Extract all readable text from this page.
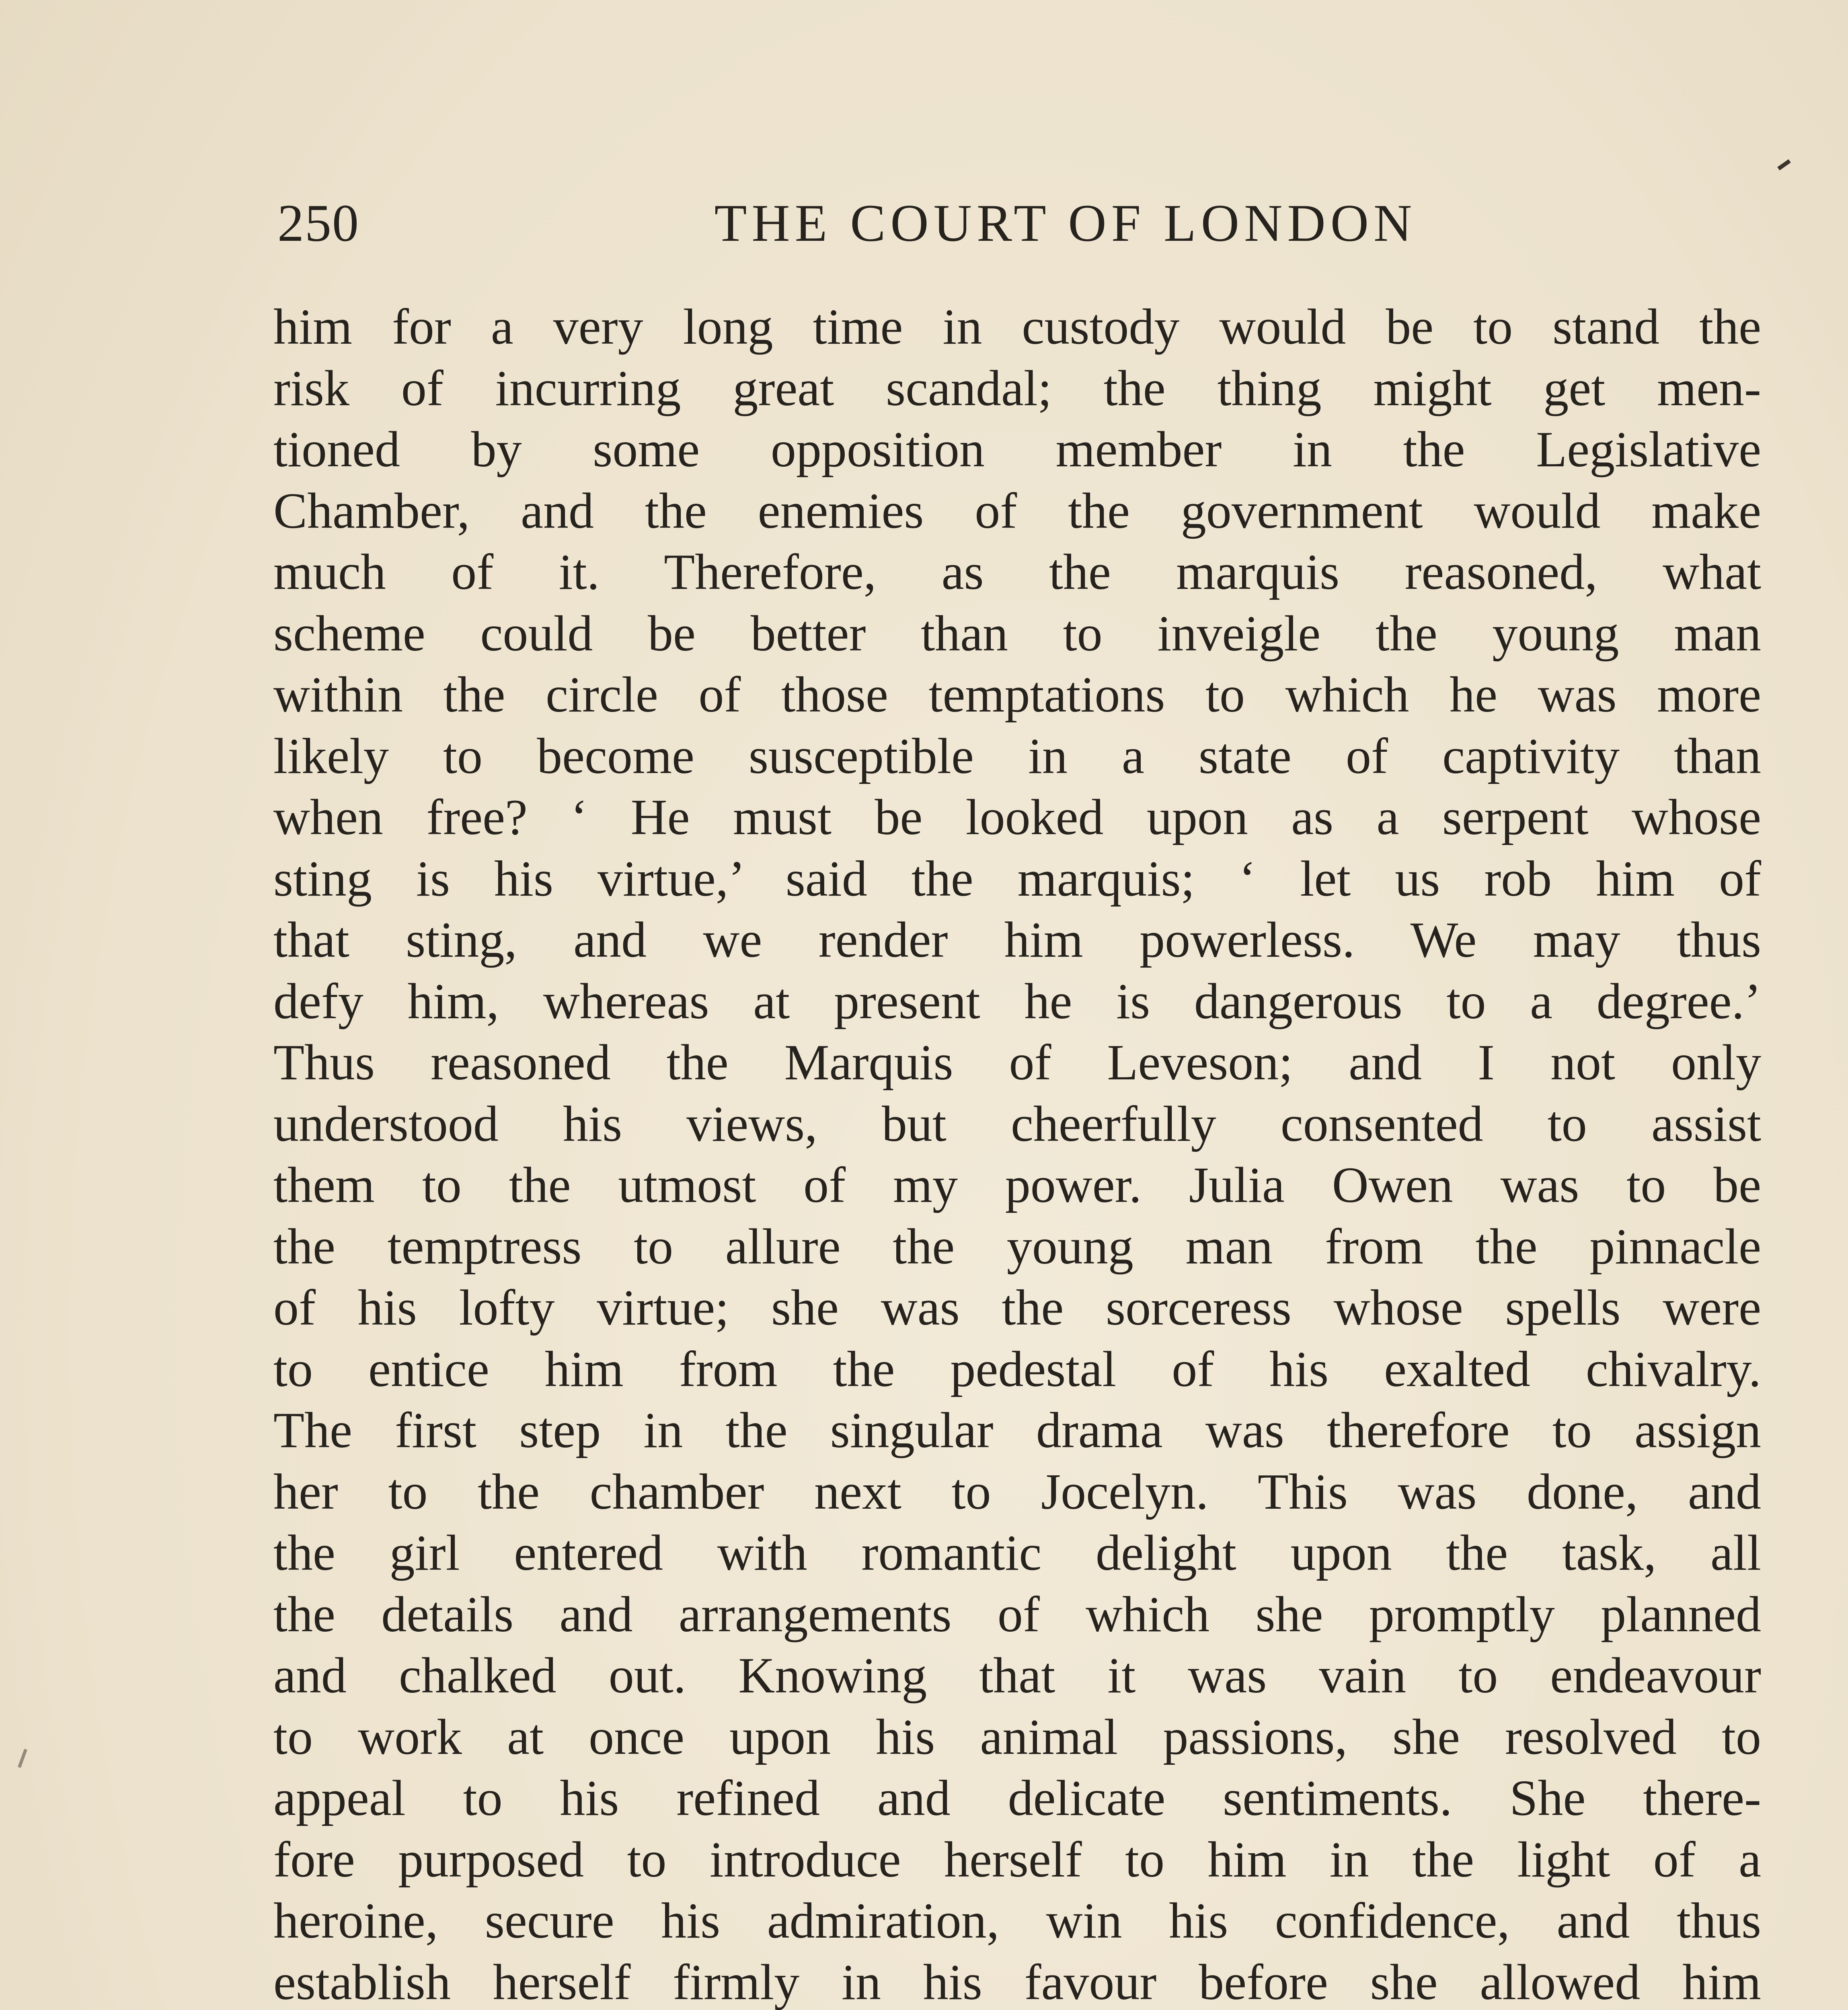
250	THE COURT OF LONDON
him for a very long time in custody would be to stand the
risk of incurring great scandal; the thing might get men-
tioned by some opposition member in the Legislative
Chamber, and the enemies of the government would make
much of it. Therefore, as the marquis reasoned, what
scheme could be better than to inveigle the young man
within the circle of those temptations to which he was more
likely to become susceptible in a state of captivity than
when free? ‘ He must be looked upon as a serpent whose
sting is his virtue,’ said the marquis; ‘ let us rob him of
that sting, and we render him powerless. We may thus
defy him, whereas at present he is dangerous to a degree.’
Thus reasoned the Marquis of Leveson; and I not only
understood his views, but cheerfully consented to assist
them to the utmost of my power. Julia Owen was to be
the temptress to allure the young man from the pinnacle
of his lofty virtue; she was the sorceress whose spells were
to entice him from the pedestal of his exalted chivalry.
The first step in the singular drama was therefore to assign
her to the chamber next to Jocelyn. This was done, and
the girl entered with romantic delight upon the task, all
the details and arrangements of which she promptly planned
and chalked out. Knowing that it was vain to endeavour
to work at once upon his animal passions, she resolved to
appeal to his refined and delicate sentiments. She there-
fore purposed to introduce herself to him in the light of a
heroine, secure his admiration, win his confidence, and thus
establish herself firmly in his favour before she allowed him
